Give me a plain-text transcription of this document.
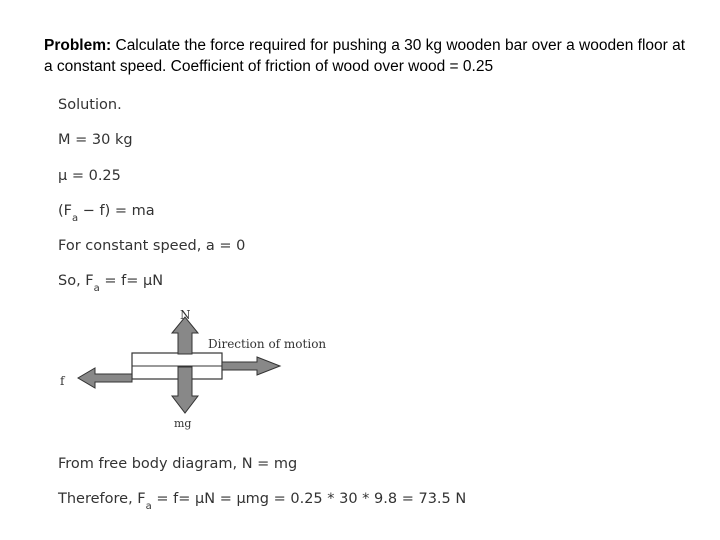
Problem: Calculate the force required for pushing a 30 kg wooden bar over a wooden floor at a constant speed. Coefficient of friction of wood over wood = 0.25
Solution.
M = 30 kg
μ = 0.25
$(F_a - f)$ = ma
For constant speed, a = 0
So, $F_a = f= \mu N$
N
Direction of motion
f
mg
From free body diagram, N = mg
Therefore, $F_a = f= \mu N = \mu mg = 0.25 * 30 * 9.8 = 73.5$ N
